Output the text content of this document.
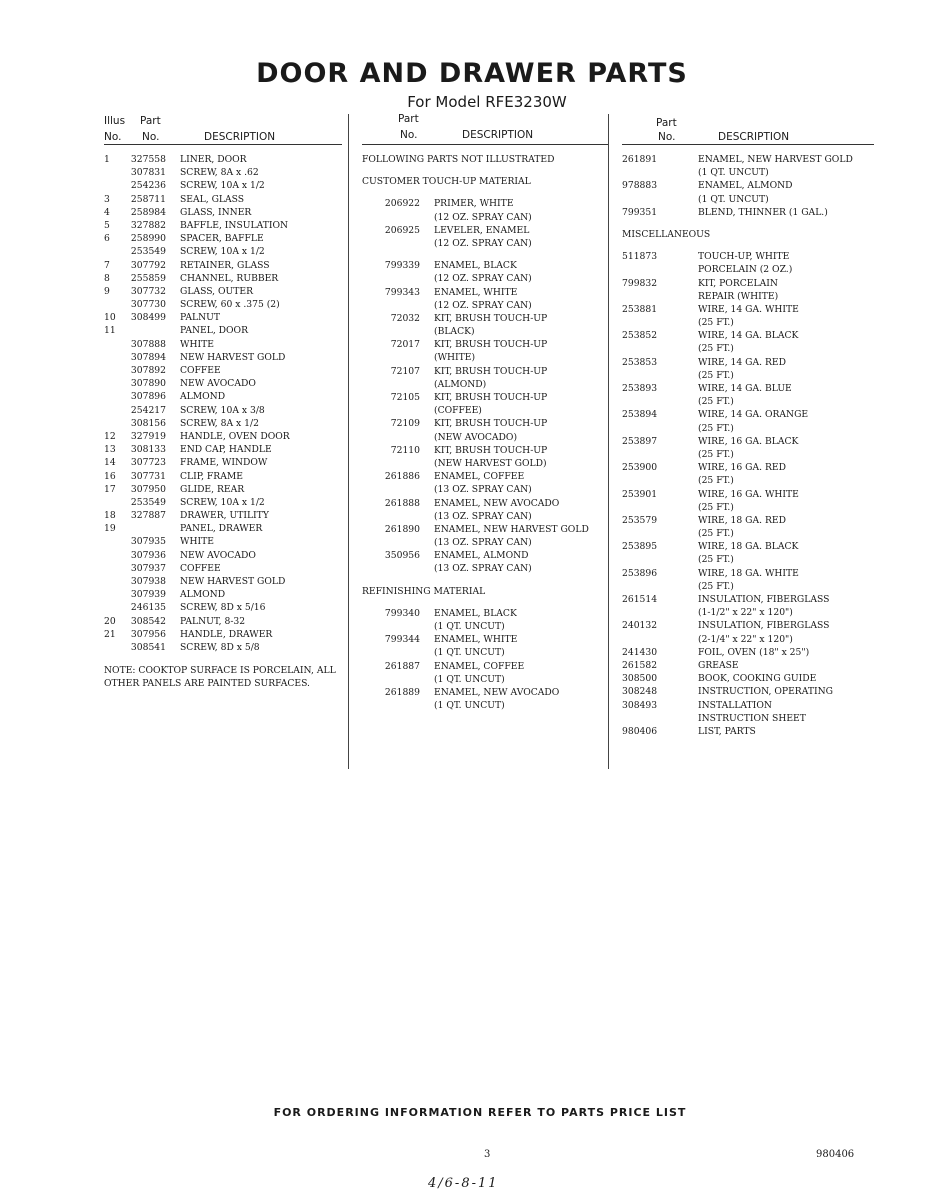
DOOR AND DRAWER PARTS
For Model RFE3230W
Illus
No.
Part
No.	DESCRIPTION
1	327558 LINER, DOOR
307831 SCREW, 8A x .62
254236 SCREW, 10A x 1/2
3	258711 SEAL, GLASS
4	258984 GLASS, INNER
5	327882 BAFFLE, INSULATION
6	258990 SPACER, BAFFLE
253549 SCREW, 10A x 1/2
7	307792 RETAINER, GLASS
8	255859 CHANNEL, RUBBER
9	307732 GLASS, OUTER
307730 SCREW, 60 x .375 (2)
10	308499 PALNUT
11	PANEL, DOOR
307888 WHITE
307894 NEW HARVEST GOLD
307892 COFFEE
307890 NEW AVOCADO
307896 ALMOND
254217 SCREW, 10A x 3/8
308156 SCREW, 8A x 1/2
12	327919 HANDLE, OVEN DOOR
13	308133 END CAP, HANDLE
14	307723 FRAME, WINDOW
16	307731 CLIP, FRAME
17	307950 GLIDE, REAR
253549 SCREW, 10A x 1/2
18	327887 DRAWER, UTILITY
19	PANEL, DRAWER
307935 WHITE
307936 NEW AVOCADO
307937 COFFEE
307938 NEW HARVEST GOLD
307939 ALMOND
246135 SCREW, 8D x 5/16
20	308542 PALNUT, 8-32
21	307956 HANDLE, DRAWER
308541 SCREW, 8D x 5/8
NOTE: COOKTOP SURFACE IS PORCELAIN, ALL OTHER PANELS ARE PAINTED SURFACES.
Part
No.	DESCRIPTION
FOLLOWING PARTS NOT ILLUSTRATED
CUSTOMER TOUCH-UP MATERIAL
206922 PRIMER, WHITE
(12 OZ. SPRAY CAN)
206925 LEVELER, ENAMEL
(12 OZ. SPRAY CAN)
799339 ENAMEL, BLACK
(12 OZ. SPRAY CAN)
799343 ENAMEL, WHITE
(12 OZ. SPRAY CAN)
72032 KIT, BRUSH TOUCH-UP
(BLACK)
72017 KIT, BRUSH TOUCH-UP
(WHITE)
72107 KIT, BRUSH TOUCH-UP
(ALMOND)
72105 KIT, BRUSH TOUCH-UP
(COFFEE)
72109 KIT, BRUSH TOUCH-UP
(NEW AVOCADO)
72110 KIT, BRUSH TOUCH-UP
(NEW HARVEST GOLD)
261886 ENAMEL, COFFEE
(13 OZ. SPRAY CAN)
261888 ENAMEL, NEW AVOCADO
(13 OZ. SPRAY CAN)
261890 ENAMEL, NEW HARVEST GOLD
(13 OZ. SPRAY CAN)
350956 ENAMEL, ALMOND
(13 OZ. SPRAY CAN)
REFINISHING MATERIAL
799340 ENAMEL, BLACK
(1 QT. UNCUT)
799344 ENAMEL, WHITE
(1 QT. UNCUT)
261887 ENAMEL, COFFEE
(1 QT. UNCUT)
261889 ENAMEL, NEW AVOCADO
(1 QT. UNCUT)
Part
No.	DESCRIPTION
261891	ENAMEL, NEW HARVEST GOLD
(1 QT. UNCUT)
978883	ENAMEL, ALMOND
(1 QT. UNCUT)
799351	BLEND, THINNER (1 GAL.)
MISCELLANEOUS
511873	TOUCH-UP, WHITE
PORCELAIN (2 OZ.)
799832	KIT, PORCELAIN
REPAIR (WHITE)
253881	WIRE, 14 GA. WHITE
(25 FT.)
253852	WIRE, 14 GA. BLACK
(25 FT.)
253853	WIRE, 14 GA. RED
(25 FT.)
253893	WIRE, 14 GA. BLUE
(25 FT.)
253894	WIRE, 14 GA. ORANGE
(25 FT.)
253897	WIRE, 16 GA. BLACK
(25 FT.)
253900	WIRE, 16 GA. RED
(25 FT.)
253901	WIRE, 16 GA. WHITE
(25 FT.)
253579	WIRE, 18 GA. RED
(25 FT.)
253895	WIRE, 18 GA. BLACK
(25 FT.)
253896	WIRE, 18 GA. WHITE
(25 FT.)
261514	INSULATION, FIBERGLASS
(1-1/2" x 22" x 120")
240132	INSULATION, FIBERGLASS
(2-1/4" x 22" x 120")
241430	FOIL, OVEN (18" x 25")
261582	GREASE
308500	BOOK, COOKING GUIDE
308248	INSTRUCTION, OPERATING
308493	INSTALLATION
INSTRUCTION SHEET
980406	LIST, PARTS
FOR ORDERING INFORMATION REFER TO PARTS PRICE LIST
3	980406
4/6-8-11
